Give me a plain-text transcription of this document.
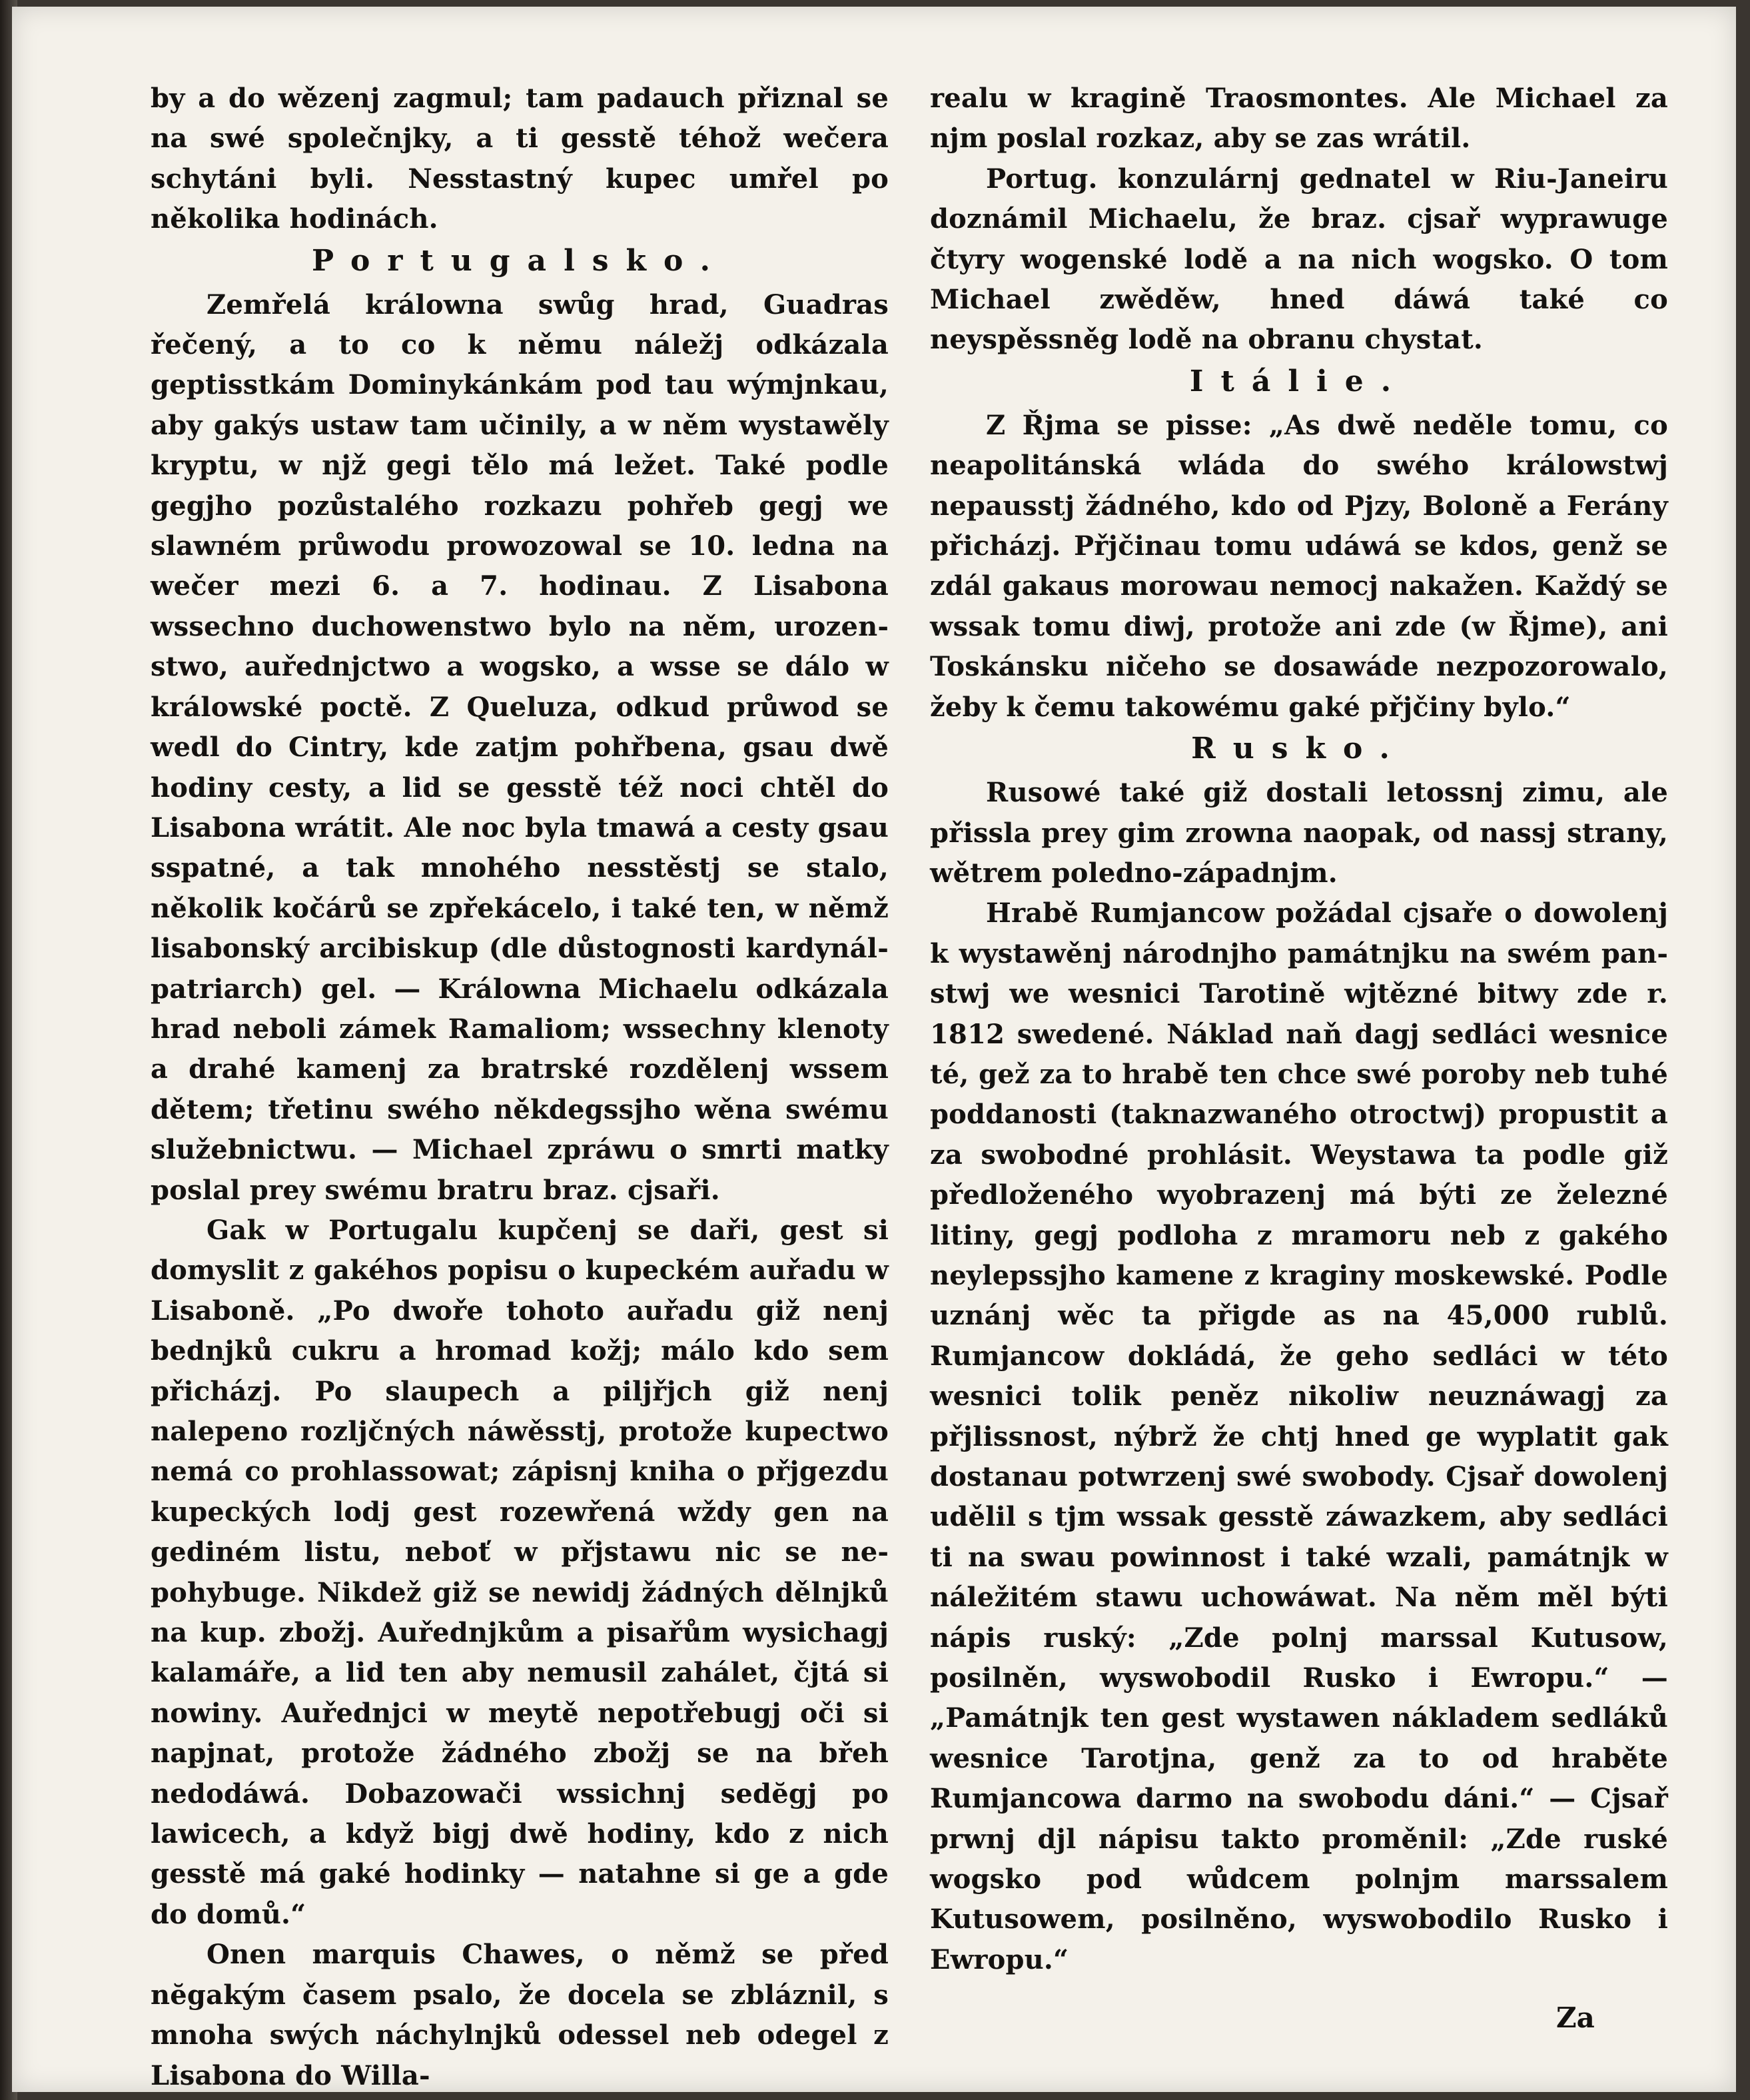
by a do wězenj zagmul; tam padauch přiznal se na swé společnjky, a ti gesstě téhož wečera schytáni byli. Nesstastný kupec umřel po několika hodinách.

Portugalsko.

Zemřelá králowna swůg hrad, Guadras řečený, a to co k němu náležj odkázala geptisstkám Dominykánkám pod tau wýmjnkau, aby gakýs ustaw tam učinily, a w něm wystawěly kryptu, w njž gegi tělo má ležet. Také podle gegjho pozůstalého rozkazu pohřeb gegj we slawném průwodu prowozowal se 10. ledna na wečer mezi 6. a 7. hodinau. Z Lisabona wssechno duchowenstwo bylo na něm, urozenstwo, auřednjctwo a wogsko, a wsse se dálo w králowské poctě. Z Queluza, odkud průwod se wedl do Cintry, kde zatjm pohřbena, gsau dwě hodiny cesty, a lid se gesstě též noci chtěl do Lisabona wrátit. Ale noc byla tmawá a cesty gsau sspatné, a tak mnohého nesstěstj se stalo, několik kočárů se zpřekácelo, i také ten, w němž lisabonský arcibiskup (dle důstognosti kardynál-patriarch) gel. — Králowna Michaelu odkázala hrad neboli zámek Ramaliom; wssechny klenoty a drahé kamenj za bratrské rozdělenj wssem dětem; třetinu swého někdegssjho wěna swému služebnictwu. — Michael zpráwu o smrti matky poslal prey swému bratru braz. cjsaři.

Gak w Portugalu kupčenj se daři, gest si domyslit z gakéhos popisu o kupeckém auřadu w Lisaboně. „Po dwoře tohoto auřadu giž nenj bednjků cukru a hromad kožj; málo kdo sem přicházj. Po slaupech a piljřjch giž nenj nalepeno rozljčných náwěsstj, protože kupectwo nemá co prohlassowat; zápisnj kniha o přjgezdu kupeckých lodj gest rozewřená wždy gen na gediném listu, neboť w přjstawu nic se nepohybuge. Nikdež giž se newidj žádných dělnjků na kup. zbožj. Auřednjkům a pisařům wysichagj kalamáře, a lid ten aby nemusil zahálet, čjtá si nowiny. Auřednjci w meytě nepotřebugj oči si napjnat, protože žádného zbožj se na břeh nedodáwá. Dobazowači wssichnj sedĕgj po lawicech, a když bigj dwě hodiny, kdo z nich gesstě má gaké hodinky — natahne si ge a gde do domů.“

Onen marquis Chawes, o němž se před nĕgakým časem psalo, že docela se zbláznil, s mnoha swých náchylnjků odessel neb odegel z Lisabona do Willa-

realu w kragině Traosmontes. Ale Michael za njm poslal rozkaz, aby se zas wrátil.

Portug. konzulárnj gednatel w Riu-Janeiru doznámil Michaelu, že braz. cjsař wyprawuge čtyry wogenské lodě a na nich wogsko. O tom Michael zwěděw, hned dáwá také co neyspěssněg lodě na obranu chystat.

Itálie.

Z Řjma se pisse: „As dwě neděle tomu, co neapolitánská wláda do swého králowstwj nepausstj žádného, kdo od Pjzy, Boloně a Ferány přicházj. Přjčinau tomu udáwá se kdos, genž se zdál gakaus morowau nemocj nakažen. Každý se wssak tomu diwj, protože ani zde (w Řjme), ani Toskánsku ničeho se dosawáde nezpozorowalo, žeby k čemu takowému gaké přjčiny bylo.“

Rusko.

Rusowé také giž dostali letossnj zimu, ale přissla prey gim zrowna naopak, od nassj strany, wětrem poledno-západnjm.

Hrabě Rumjancow požádal cjsaře o dowolenj k wystawěnj národnjho památnjku na swém panstwj we wesnici Tarotině wjtězné bitwy zde r. 1812 swedené. Náklad naň dagj sedláci wesnice té, gež za to hrabě ten chce swé poroby neb tuhé poddanosti (taknazwaného otroctwj) propustit a za swobodné prohlásit. Weystawa ta podle giž předloženého wyobrazenj má býti ze železné litiny, gegj podloha z mramoru neb z gakého neylepssjho kamene z kraginy moskewské. Podle uznánj wěc ta přigde as na 45,000 rublů. Rumjancow dokládá, že geho sedláci w této wesnici tolik peněz nikoliw neuznáwagj za přjlissnost, nýbrž že chtj hned ge wyplatit gak dostanau potwrzenj swé swobody. Cjsař dowolenj udělil s tjm wssak gesstě záwazkem, aby sedláci ti na swau powinnost i také wzali, památnjk w náležitém stawu uchowáwat. Na něm měl býti nápis ruský: „Zde polnj marssal Kutusow, posilněn, wyswobodil Rusko i Ewropu.“ — „Památnjk ten gest wystawen nákladem sedláků wesnice Tarotjna, genž za to od hraběte Rumjancowa darmo na swobodu dáni.“ — Cjsař prwnj djl nápisu takto proměnil: „Zde ruské wogsko pod wůdcem polnjm marssalem Kutusowem, posilněno, wyswobodilo Rusko i Ewropu.“

Za
